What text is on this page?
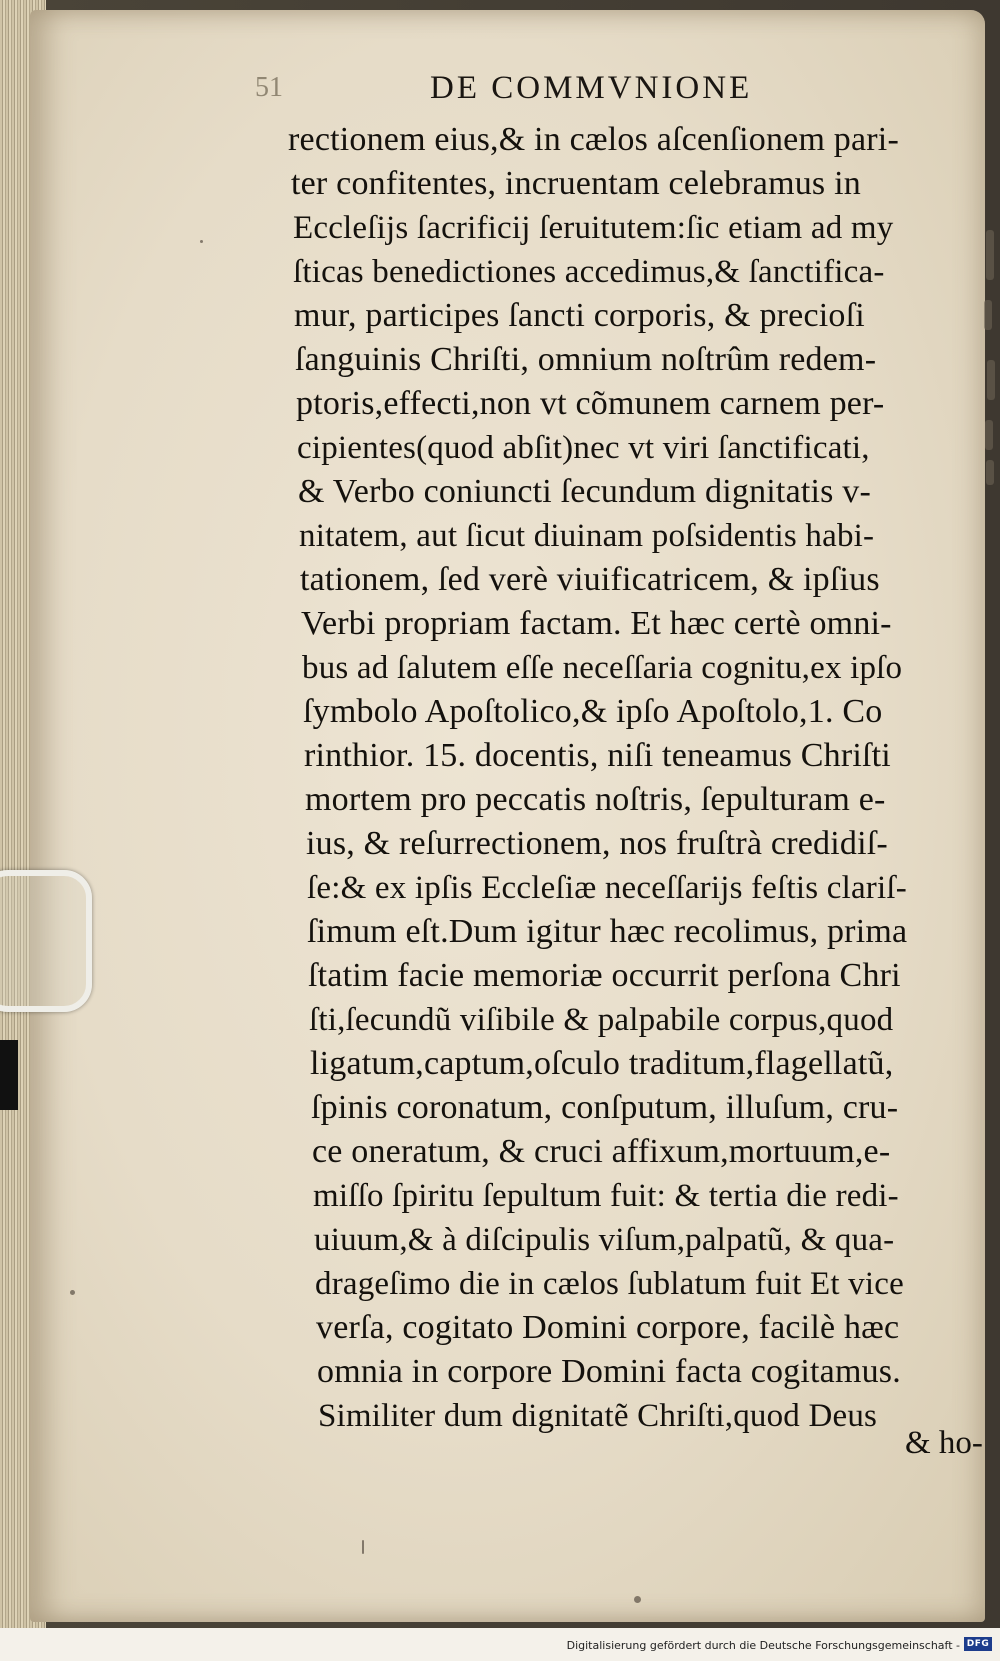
51	DE COMMVNIONE
rectionem eius,& in cælos aſcenſionem pari-
ter confitentes, incruentam celebramus in
Eccleſijs ſacrificij ſeruitutem:ſic etiam ad my
ſticas benedictiones accedimus,& ſanctifica-
mur, participes ſancti corporis, & precioſi
ſanguinis Chriſti, omnium noſtrûm redem-
ptoris,effecti,non vt cõmunem carnem per-
cipientes(quod abſit)nec vt viri ſanctificati,
& Verbo coniuncti ſecundum dignitatis v-
nitatem, aut ſicut diuinam poſsidentis habi-
tationem, ſed verè viuificatricem, & ipſius
Verbi propriam factam. Et hæc certè omni-
bus ad ſalutem eſſe neceſſaria cognitu,ex ipſo
ſymbolo Apoſtolico,& ipſo Apoſtolo,1. Co
rinthior. 15. docentis, niſi teneamus Chriſti
mortem pro peccatis noſtris, ſepulturam e-
ius, & reſurrectionem, nos fruſtrà credidiſ-
ſe:& ex ipſis Eccleſiæ neceſſarijs feſtis clariſ-
ſimum eſt.Dum igitur hæc recolimus, prima
ſtatim facie memoriæ occurrit perſona Chri
ſti,ſecundũ viſibile & palpabile corpus,quod
ligatum,captum,oſculo traditum,flagellatũ,
ſpinis coronatum, conſputum, illuſum, cru-
ce oneratum, & cruci affixum,mortuum,e-
miſſo ſpiritu ſepultum fuit: & tertia die redi-
uiuum,& à diſcipulis viſum,palpatũ, & qua-
drageſimo die in cælos ſublatum fuit Et vice
verſa, cogitato Domini corpore, facilè hæc
omnia in corpore Domini facta cogitamus.
Similiter dum dignitatẽ Chriſti,quod Deus
& ho-
Digitalisierung gefördert durch die Deutsche Forschungsgemeinschaft - DFG
